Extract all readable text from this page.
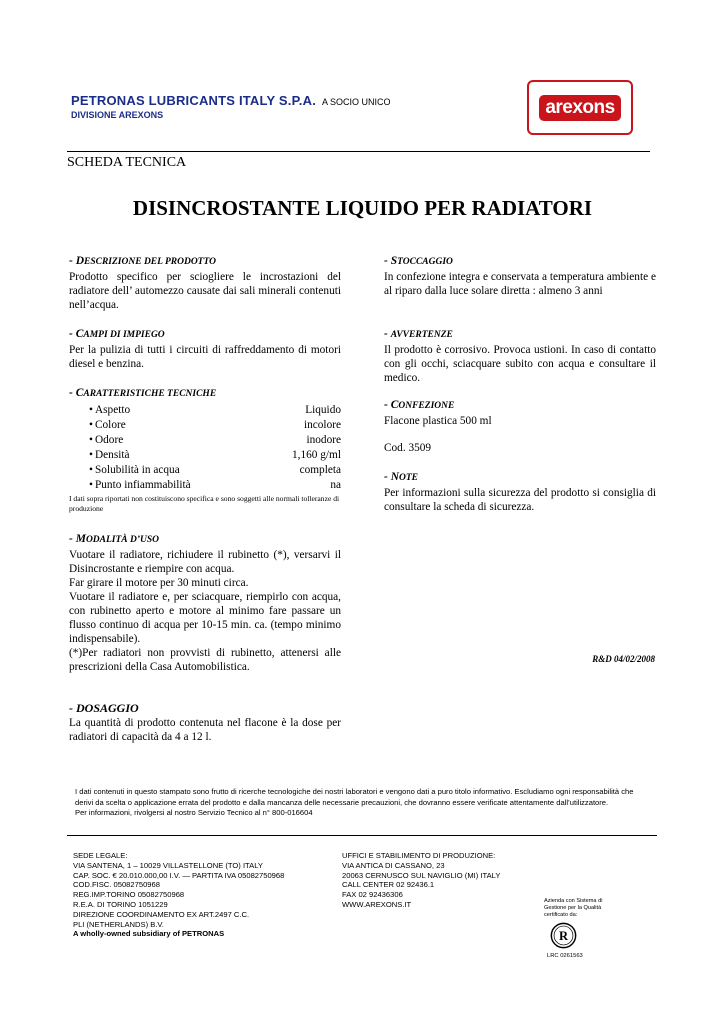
PETRONAS LUBRICANTS ITALY S.P.A. A SOCIO UNICO
DIVISIONE AREXONS	arexons
SCHEDA TECNICA
DISINCROSTANTE LIQUIDO PER RADIATORI
- DESCRIZIONE DEL PRODOTTO

Prodotto specifico per sciogliere le incrostazioni del radiatore dell’ automezzo causate dai sali minerali contenuti nell’acqua.

- CAMPI DI IMPIEGO

Per la pulizia di tutti i circuiti di raffreddamento di motori diesel e benzina.

- CARATTERISTICHE TECNICHE
• Aspetto	Liquido
• Colore	incolore
• Odore	inodore
• Densità	1,160 g/ml
• Solubilità in acqua	completa
• Punto infiammabilità	na
I dati sopra riportati non costituiscono specifica e sono soggetti alle normali tolleranze di produzione
- MODALITÀ D’USO

Vuotare il radiatore, richiudere il rubinetto (*), versarvi il Disincrostante e riempire con acqua.

Far girare il motore per 30 minuti circa.

Vuotare il radiatore e, per sciacquare, riempirlo con acqua, con rubinetto aperto e motore al minimo fare passare un flusso continuo di acqua per 10-15 min. ca. (tempo minimo indispensabile).

(*)Per radiatori non provvisti di rubinetto, attenersi alle prescrizioni della Casa Automobilistica.

- DOSAGGIO

La quantità di prodotto contenuta nel flacone è la dose per radiatori di capacità da 4 a 12 l.

- STOCCAGGIO

In confezione integra e conservata a temperatura ambiente e al riparo dalla luce solare diretta : almeno 3 anni

- AVVERTENZE

Il prodotto è corrosivo. Provoca ustioni. In caso di contatto con gli occhi, sciacquare subito con acqua e consultare il medico.

- CONFEZIONE

Flacone plastica 500 ml

Cod. 3509

- NOTE

Per informazioni sulla sicurezza del prodotto si consiglia di consultare la scheda di sicurezza.

R&D 04/02/2008
I dati contenuti in questo stampato sono frutto di ricerche tecnologiche dei nostri laboratori e vengono dati a puro titolo informativo. Escludiamo ogni responsabilità che
derivi da scelta o applicazione errata del prodotto e dalla mancanza delle necessarie precauzioni, che dovranno essere verificate attentamente dall’utilizzatore.
Per informazioni, rivolgersi al nostro Servizio Tecnico al n° 800-016604
SEDE LEGALE:
VIA SANTENA, 1 – 10029 VILLASTELLONE (TO) ITALY
CAP. SOC. € 20.010.000,00 I.V. — PARTITA IVA 05082750968
COD.FISC. 05082750968
REG.IMP.TORINO 05082750968
R.E.A. DI TORINO 1051229
DIREZIONE COORDINAMENTO EX ART.2497 C.C.
PLI (NETHERLANDS) B.V.
A wholly-owned subsidiary of PETRONAS
UFFICI E STABILIMENTO DI PRODUZIONE:
VIA ANTICA DI CASSANO, 23
20063 CERNUSCO SUL NAVIGLIO (MI) ITALY
CALL CENTER 02 92436.1
FAX 02 92436306
WWW.AREXONS.IT	Azienda con Sistema di Gestione per la Qualità certificato da:
R
LRC 0261563
